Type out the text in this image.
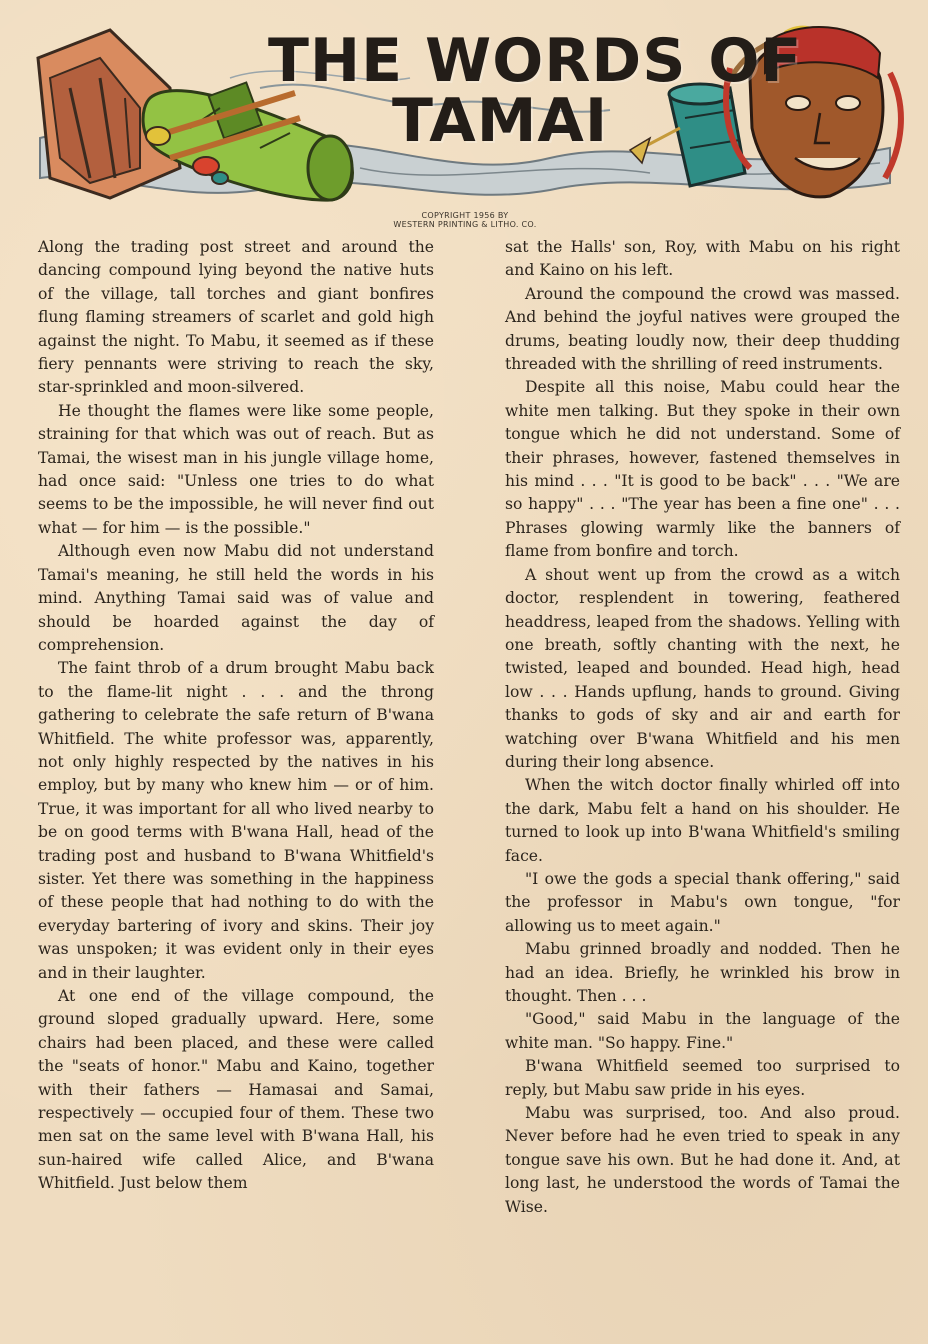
THE WORDS OF
TAMAI
COPYRIGHT 1956 BY
WESTERN PRINTING & LITHO. CO.

Along the trading post street and around the dancing compound lying beyond the native huts of the village, tall torches and giant bonfires flung flaming streamers of scarlet and gold high against the night. To Mabu, it seemed as if these fiery pennants were striving to reach the sky, star-sprinkled and moon-silvered.

He thought the flames were like some people, straining for that which was out of reach. But as Tamai, the wisest man in his jungle village home, had once said: "Unless one tries to do what seems to be the impossible, he will never find out what — for him — is the possible."

Although even now Mabu did not understand Tamai's meaning, he still held the words in his mind. Anything Tamai said was of value and should be hoarded against the day of comprehension.

The faint throb of a drum brought Mabu back to the flame-lit night . . . and the throng gathering to celebrate the safe return of B'wana Whitfield. The white professor was, apparently, not only highly respected by the natives in his employ, but by many who knew him — or of him. True, it was important for all who lived nearby to be on good terms with B'wana Hall, head of the trading post and husband to B'wana Whitfield's sister. Yet there was something in the happiness of these people that had nothing to do with the everyday bartering of ivory and skins. Their joy was unspoken; it was evident only in their eyes and in their laughter.

At one end of the village compound, the ground sloped gradually upward. Here, some chairs had been placed, and these were called the "seats of honor." Mabu and Kaino, together with their fathers — Hamasai and Samai, respectively — occupied four of them. These two men sat on the same level with B'wana Hall, his sun-haired wife called Alice, and B'wana Whitfield. Just below them

sat the Halls' son, Roy, with Mabu on his right and Kaino on his left.

Around the compound the crowd was massed. And behind the joyful natives were grouped the drums, beating loudly now, their deep thudding threaded with the shrilling of reed instruments.

Despite all this noise, Mabu could hear the white men talking. But they spoke in their own tongue which he did not understand. Some of their phrases, however, fastened themselves in his mind . . . "It is good to be back" . . . "We are so happy" . . . "The year has been a fine one" . . . Phrases glowing warmly like the banners of flame from bonfire and torch.

A shout went up from the crowd as a witch doctor, resplendent in towering, feathered headdress, leaped from the shadows. Yelling with one breath, softly chanting with the next, he twisted, leaped and bounded. Head high, head low . . . Hands upflung, hands to ground. Giving thanks to gods of sky and air and earth for watching over B'wana Whitfield and his men during their long absence.

When the witch doctor finally whirled off into the dark, Mabu felt a hand on his shoulder. He turned to look up into B'wana Whitfield's smiling face.

"I owe the gods a special thank offering," said the professor in Mabu's own tongue, "for allowing us to meet again."

Mabu grinned broadly and nodded. Then he had an idea. Briefly, he wrinkled his brow in thought. Then . . .

"Good," said Mabu in the language of the white man. "So happy. Fine."

B'wana Whitfield seemed too surprised to reply, but Mabu saw pride in his eyes.

Mabu was surprised, too. And also proud. Never before had he even tried to speak in any tongue save his own. But he had done it. And, at long last, he understood the words of Tamai the Wise.
